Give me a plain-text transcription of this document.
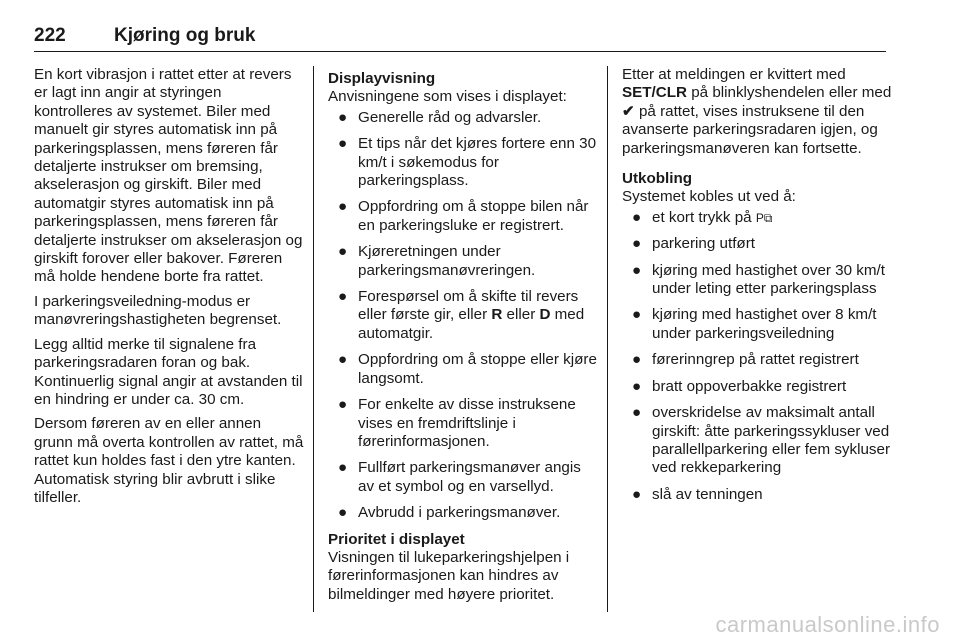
222	Kjøring og bruk

En kort vibrasjon i rattet etter at revers er lagt inn angir at styringen kontrolleres av systemet. Biler med manuelt gir styres automatisk inn på parkeringsplassen, mens føreren får detaljerte instrukser om bremsing, akselerasjon og girskift. Biler med automatgir styres automatisk inn på parkeringsplassen, mens føreren får detaljerte instrukser om akselerasjon og girskift forover eller bakover. Føreren må holde hendene borte fra rattet.

I parkeringsveiledning-modus er manøvreringshastigheten begrenset.

Legg alltid merke til signalene fra parkeringsradaren foran og bak. Kontinuerlig signal angir at avstanden til en hindring er under ca. 30 cm.

Dersom føreren av en eller annen grunn må overta kontrollen av rattet, må rattet kun holdes fast i den ytre kanten. Automatisk styring blir avbrutt i slike tilfeller.

Displayvisning

Anvisningene som vises i displayet:

● Generelle råd og advarsler.
● Et tips når det kjøres fortere enn 30 km/t i søkemodus for parkeringsplass.
● Oppfordring om å stoppe bilen når en parkeringsluke er registrert.
● Kjøreretningen under parkeringsmanøvreringen.
● Forespørsel om å skifte til revers eller første gir, eller R eller D med automatgir.
● Oppfordring om å stoppe eller kjøre langsomt.
● For enkelte av disse instruksene vises en fremdriftslinje i førerinformasjonen.
● Fullført parkeringsmanøver angis av et symbol og en varsellyd.
● Avbrudd i parkeringsmanøver.

Prioritet i displayet

Visningen til lukeparkeringshjelpen i førerinformasjonen kan hindres av bilmeldinger med høyere prioritet.

Etter at meldingen er kvittert med SET/CLR på blinklyshendelen eller med ✔ på rattet, vises instruksene til den avanserte parkeringsradaren igjen, og parkeringsmanøveren kan fortsette.

Utkobling

Systemet kobles ut ved å:

● et kort trykk på P⧉
● parkering utført
● kjøring med hastighet over 30 km/t under leting etter parkeringsplass
● kjøring med hastighet over 8 km/t under parkeringsveiledning
● førerinngrep på rattet registrert
● bratt oppoverbakke registrert
● overskridelse av maksimalt antall girskift: åtte parkeringssykluser ved parallellparkering eller fem sykluser ved rekkeparkering
● slå av tenningen
carmanualsonline.info
